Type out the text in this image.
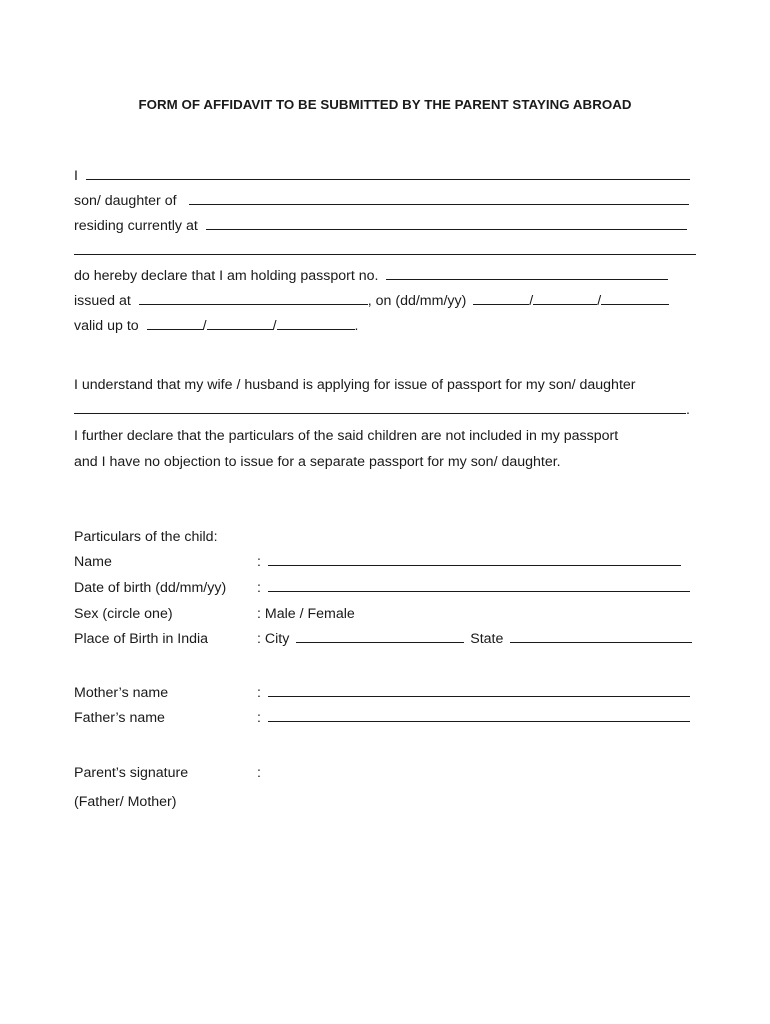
FORM OF AFFIDAVIT TO BE SUBMITTED BY THE PARENT STAYING ABROAD
I
son/ daughter of
residing currently at
do hereby declare that I am holding passport no.
issued at	, on (dd/mm/yy)	/	/
valid up to	/	/	.
I understand that my wife / husband is applying for issue of passport for my son/ daughter
.
I further declare that the particulars of the said children are not included in my passport
and I have no objection to issue for a separate passport for my son/ daughter.
Particulars of the child:
Name	:
Date of birth (dd/mm/yy) :
Sex (circle one)	: Male / Female
Place of Birth in India	: City	State
Mother’s name	:
Father’s name	:
Parent’s signature	:
(Father/ Mother)
